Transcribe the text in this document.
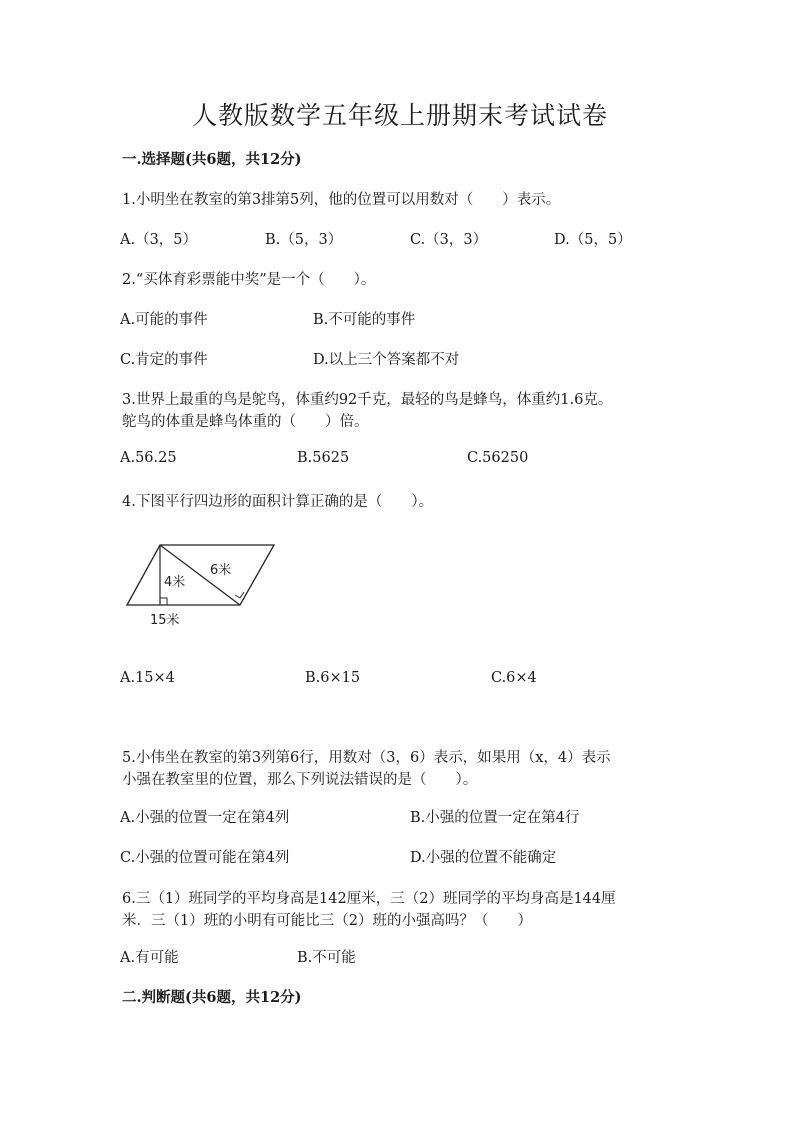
人教版数学五年级上册期末考试试卷
一.选择题(共6题，共12分)
1.小明坐在教室的第3排第5列，他的位置可以用数对（　　）表示。
A.（3，5）	B.（5，3）	C.（3，3）	D.（5，5）
2.“买体育彩票能中奖”是一个（　　）。
A.可能的事件	B.不可能的事件
C.肯定的事件	D.以上三个答案都不对
3.世界上最重的鸟是鸵鸟，体重约92千克，最轻的鸟是蜂鸟，体重约1.6克。
鸵鸟的体重是蜂鸟体重的（　　）倍。
A.56.25	B.5625	C.56250
4.下图平行四边形的面积计算正确的是（　　）。
6米
4米
15米
A.15×4	B.6×15	C.6×4
5.小伟坐在教室的第3列第6行，用数对（3，6）表示，如果用（x，4）表示
小强在教室里的位置，那么下列说法错误的是（　　）。
A.小强的位置一定在第4列	B.小强的位置一定在第4行
C.小强的位置可能在第4列	D.小强的位置不能确定
6.三（1）班同学的平均身高是142厘米，三（2）班同学的平均身高是144厘
米．三（1）班的小明有可能比三（2）班的小强高吗？（　　）
A.有可能	B.不可能
二.判断题(共6题，共12分)
